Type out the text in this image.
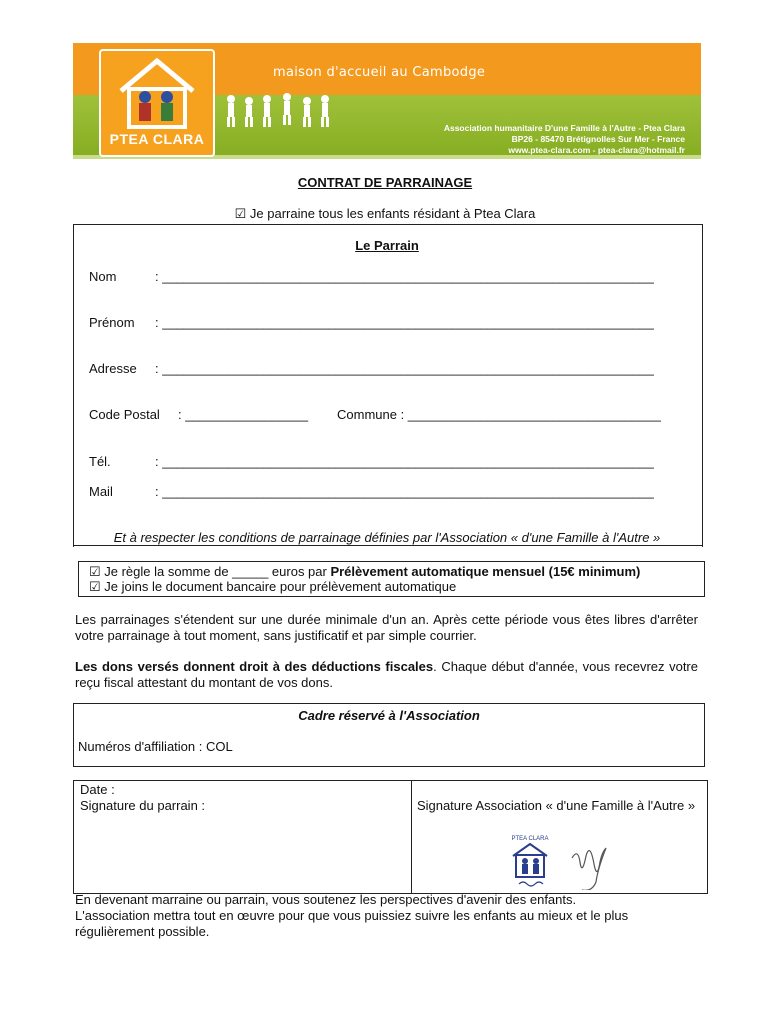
PTEA CLARA
maison d'accueil au Cambodge
Association humanitaire D'une Famille à l'Autre - Ptea Clara
BP26 - 85470 Brétignolles Sur Mer - France
www.ptea-clara.com - ptea-clara@hotmail.fr
CONTRAT DE PARRAINAGE
☑ Je parraine tous les enfants résidant à Ptea Clara
Le Parrain
Nom	: ____________________________________________________________________
Prénom : ____________________________________________________________________
Adresse : ____________________________________________________________________
Code Postal : _________________	Commune : ___________________________________
Tél.	: ____________________________________________________________________
Mail	: ____________________________________________________________________
Et à respecter les conditions de parrainage définies par l'Association « d'une Famille à l'Autre »
☑ Je règle la somme de _____ euros par Prélèvement automatique mensuel (15€ minimum)
☑ Je joins le document bancaire pour prélèvement automatique
Les parrainages s'étendent sur une durée minimale d'un an. Après cette période vous êtes libres d'arrêter votre parrainage à tout moment, sans justificatif et par simple courrier.
Les dons versés donnent droit à des déductions fiscales. Chaque début d'année, vous recevrez votre reçu fiscal attestant du montant de vos dons.
Cadre réservé à l'Association
Numéros d'affiliation : COL
Date :
Signature du parrain :	Signature Association « d'une Famille à l'Autre »
PTEA CLARA
En devenant marraine ou parrain, vous soutenez les perspectives d'avenir des enfants.
L'association mettra tout en œuvre pour que vous puissiez suivre les enfants au mieux et le plus régulièrement possible.
